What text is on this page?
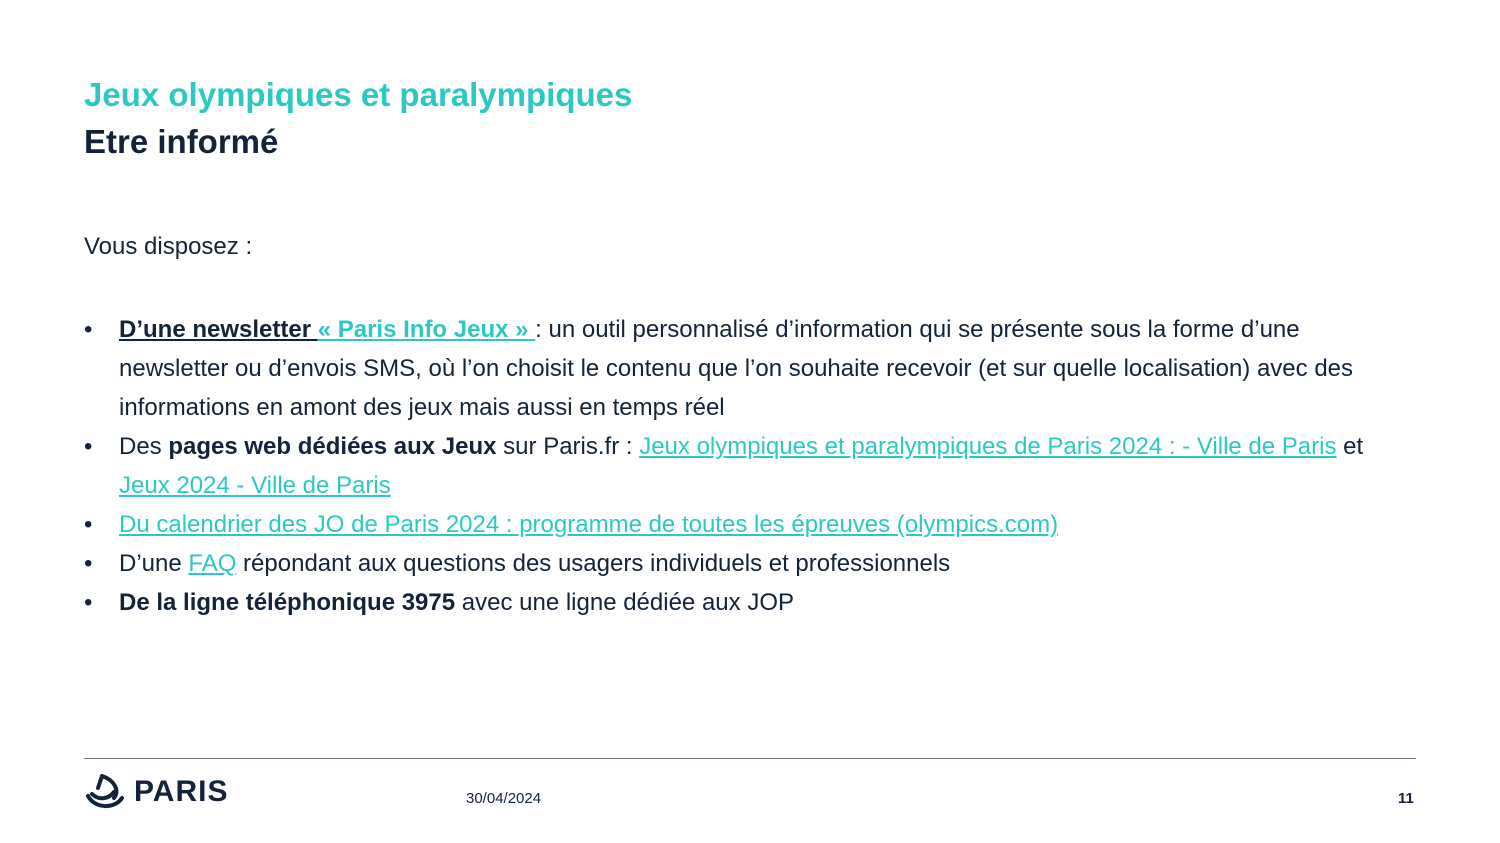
Jeux olympiques et paralympiques
Etre informé
Vous disposez :
•	D’une newsletter « Paris Info Jeux » : un outil personnalisé d’information qui se présente sous la forme d’une newsletter ou d’envois SMS, où l’on choisit le contenu que l’on souhaite recevoir (et sur quelle localisation) avec des informations en amont des jeux mais aussi en temps réel
•	Des pages web dédiées aux Jeux sur Paris.fr : Jeux olympiques et paralympiques de Paris 2024 : - Ville de Paris et Jeux 2024 - Ville de Paris
•	Du calendrier des JO de Paris 2024 : programme de toutes les épreuves (olympics.com)
•	D’une FAQ répondant aux questions des usagers individuels et professionnels
•	De la ligne téléphonique 3975 avec une ligne dédiée aux JOP
PARIS	30/04/2024	11
